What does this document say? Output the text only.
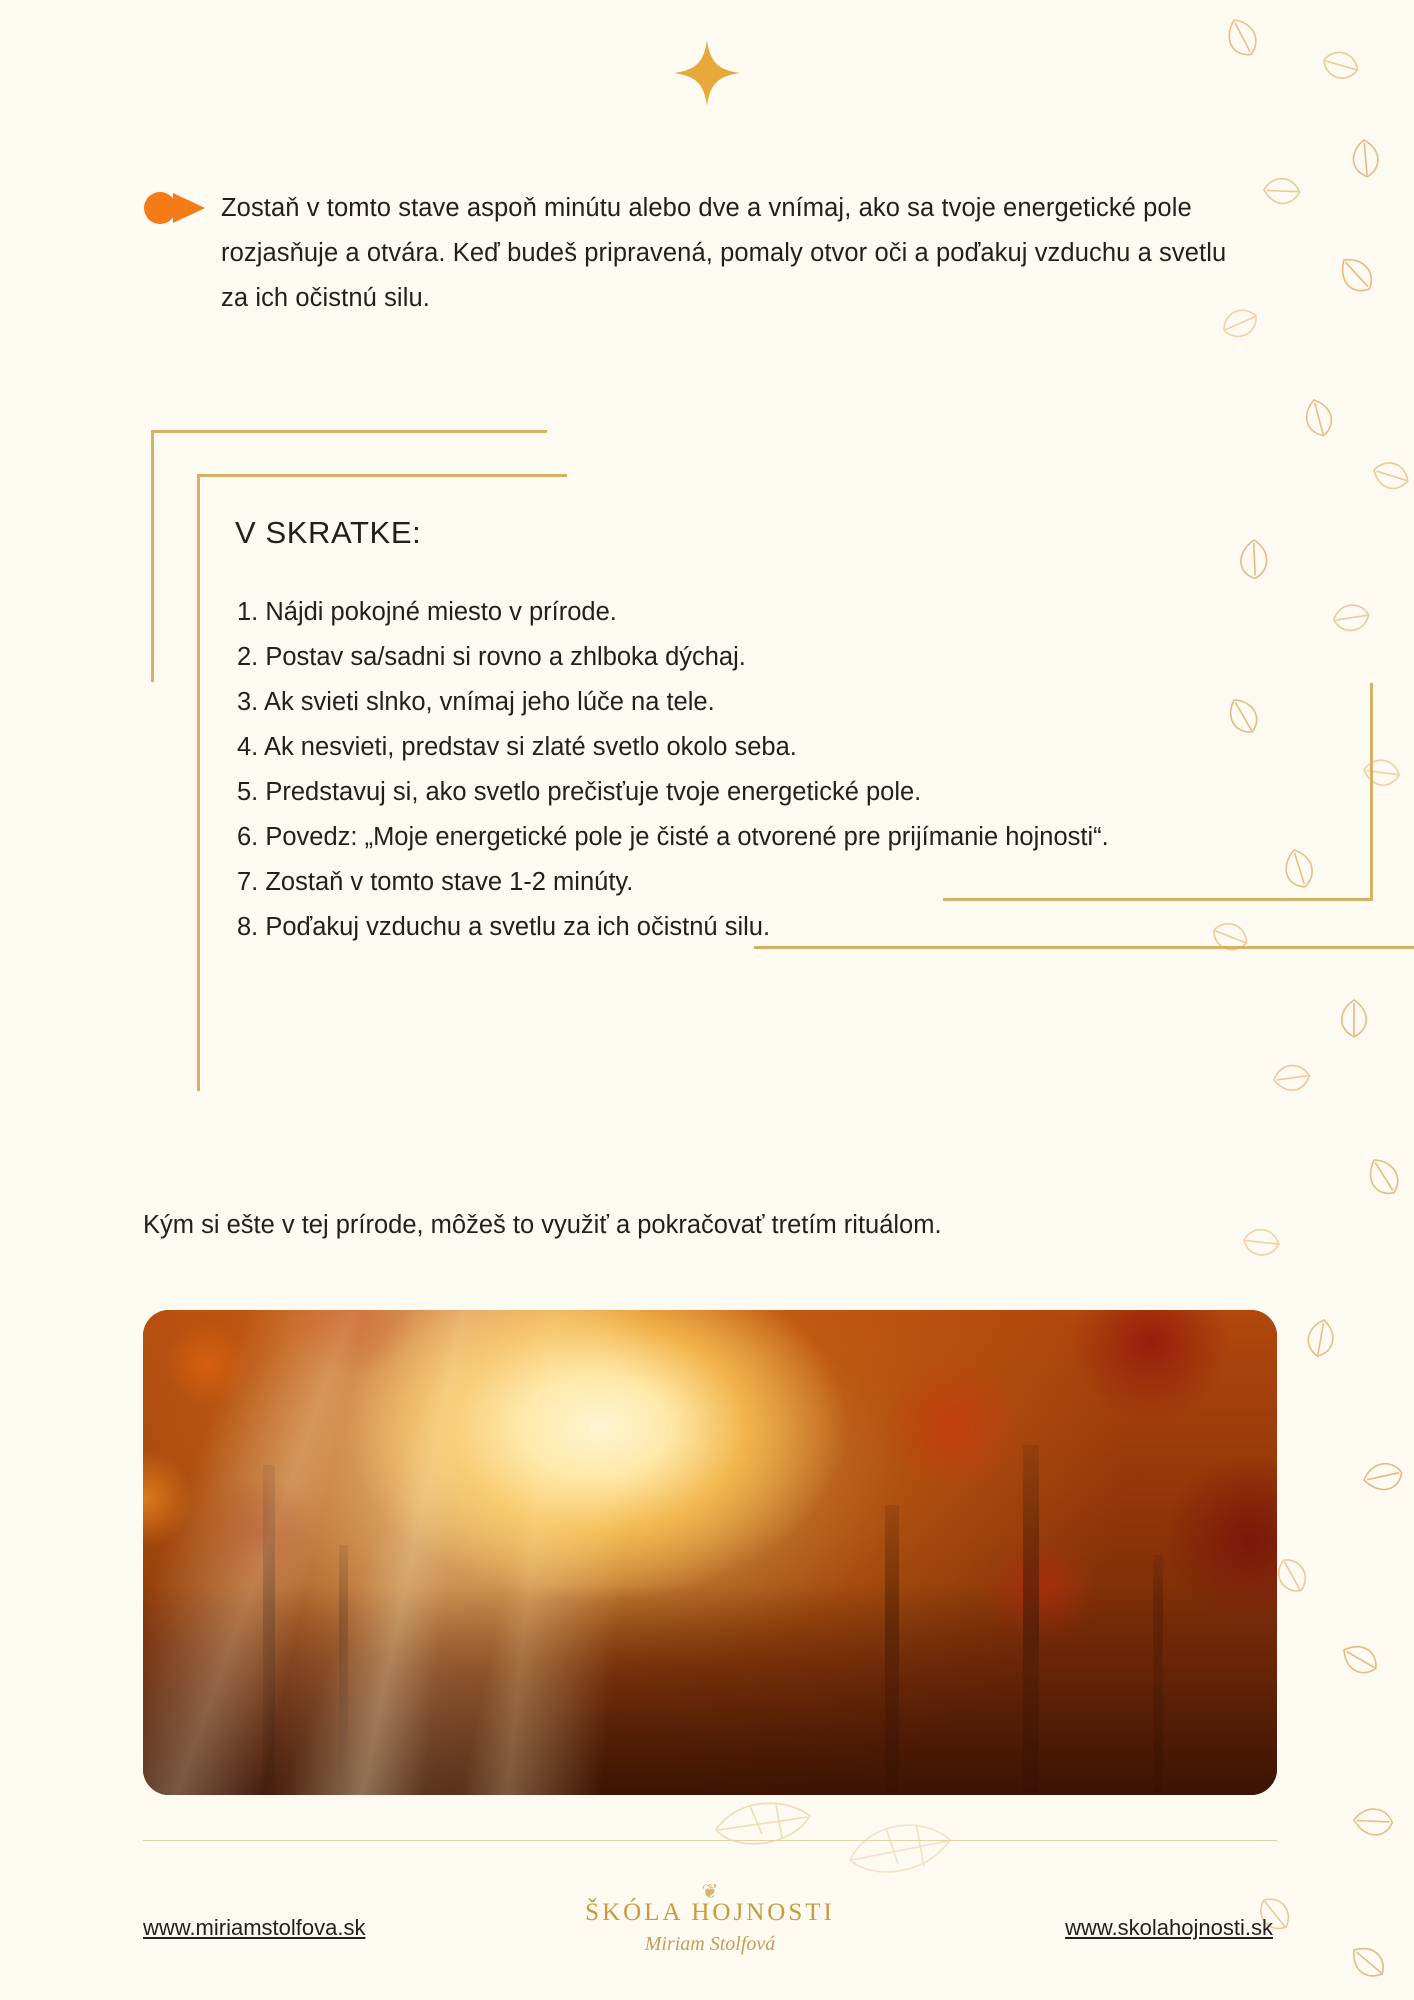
Zostaň v tomto stave aspoň minútu alebo dve a vnímaj, ako sa tvoje energetické pole rozjasňuje a otvára. Keď budeš pripravená, pomaly otvor oči a poďakuj vzduchu a svetlu za ich očistnú silu.
V SKRATKE:
1. Nájdi pokojné miesto v prírode.
2. Postav sa/sadni si rovno a zhlboka dýchaj.
3. Ak svieti slnko, vnímaj jeho lúče na tele.
4. Ak nesvieti, predstav si zlaté svetlo okolo seba.
5. Predstavuj si, ako svetlo prečisťuje tvoje energetické pole.
6. Povedz: „Moje energetické pole je čisté a otvorené pre prijímanie hojnosti“.
7. Zostaň v tomto stave 1-2 minúty.
8. Poďakuj vzduchu a svetlu za ich očistnú silu.
Kým si ešte v tej prírode, môžeš to využiť a pokračovať tretím rituálom.
www.miriamstolfova.sk
❦
ŠKÓLA HOJNOSTI
Miriam Stolfová
www.skolahojnosti.sk
